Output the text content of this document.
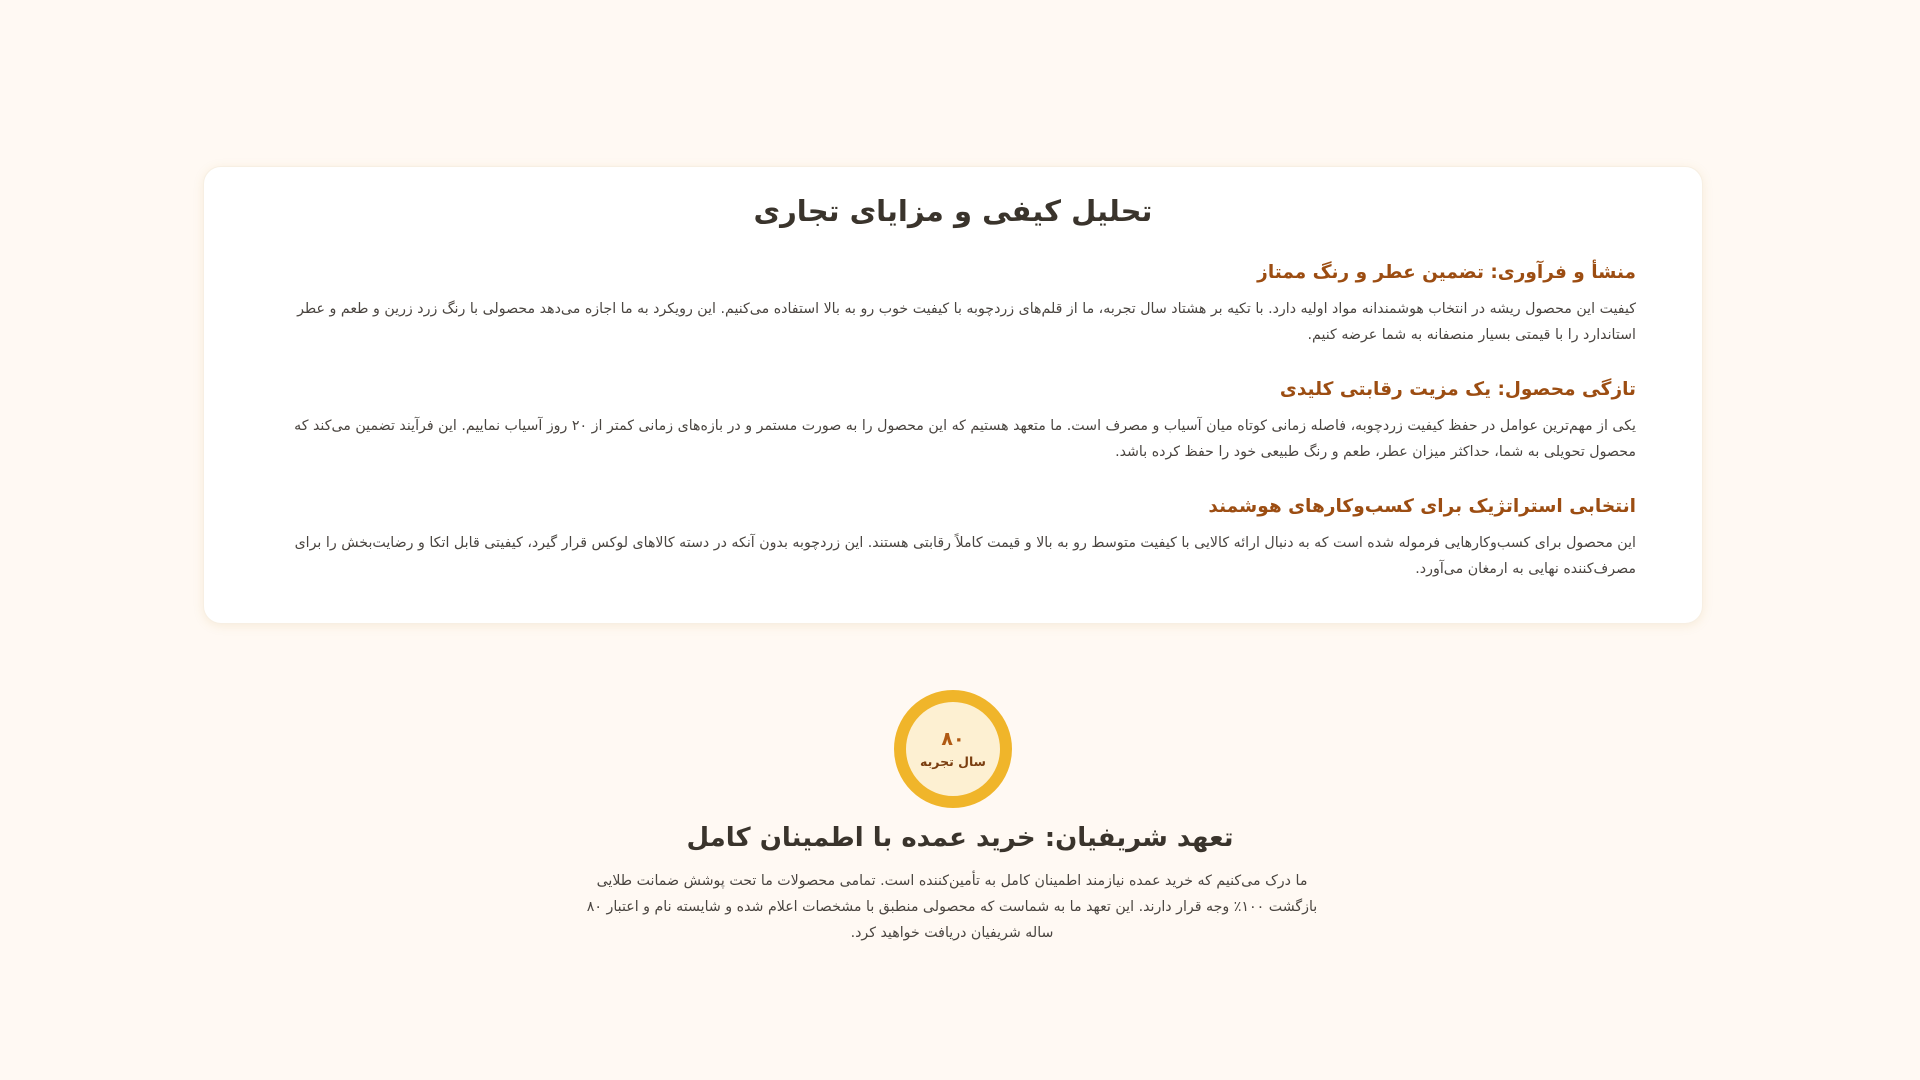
تحلیل کیفی و مزایای تجاری
منشأ و فرآوری: تضمین عطر و رنگ ممتاز

کیفیت این محصول ریشه در انتخاب هوشمندانه مواد اولیه دارد. با تکیه بر هشتاد سال تجربه، ما از قلم‌های زردچوبه با کیفیت خوب رو به بالا استفاده می‌کنیم. این رویکرد به ما اجازه می‌دهد محصولی با رنگ زرد زرین و طعم و عطر استاندارد را با قیمتی بسیار منصفانه به شما عرضه کنیم.

تازگی محصول: یک مزیت رقابتی کلیدی

یکی از مهم‌ترین عوامل در حفظ کیفیت زردچوبه، فاصله زمانی کوتاه میان آسیاب و مصرف است. ما متعهد هستیم که این محصول را به صورت مستمر و در بازه‌های زمانی کمتر از ۲۰ روز آسیاب نماییم. این فرآیند تضمین می‌کند که محصول تحویلی به شما، حداکثر میزان عطر، طعم و رنگ طبیعی خود را حفظ کرده باشد.

انتخابی استراتژیک برای کسب‌وکارهای هوشمند

این محصول برای کسب‌وکارهایی فرموله شده است که به دنبال ارائه کالایی با کیفیت متوسط رو به بالا و قیمت کاملاً رقابتی هستند. این زردچوبه بدون آنکه در دسته کالاهای لوکس قرار گیرد، کیفیتی قابل اتکا و رضایت‌بخش را برای مصرف‌کننده نهایی به ارمغان می‌آورد.

۸۰
سال تجربه
تعهد شریفیان: خرید عمده با اطمینان کامل

ما درک می‌کنیم که خرید عمده نیازمند اطمینان کامل به تأمین‌کننده است. تمامی محصولات ما تحت پوشش ضمانت طلایی بازگشت ۱۰۰٪ وجه قرار دارند. این تعهد ما به شماست که محصولی منطبق با مشخصات اعلام شده و شایسته نام و اعتبار ۸۰ ساله شریفیان دریافت خواهید کرد.
